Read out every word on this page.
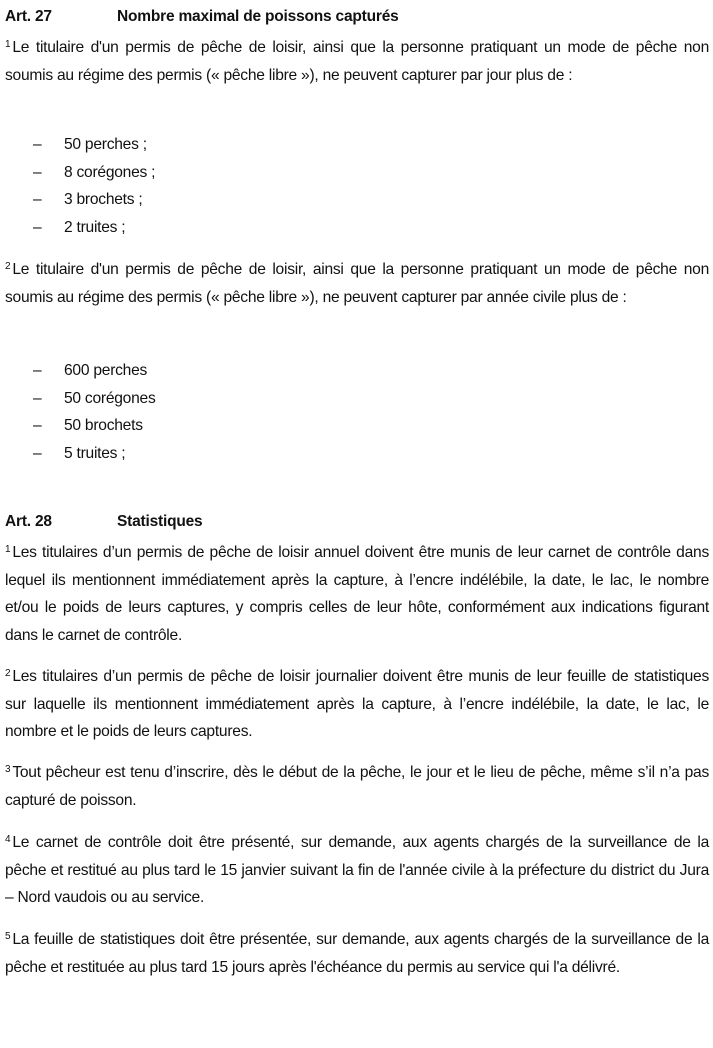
Art. 27	Nombre maximal de poissons capturés

$^1$ Le titulaire d'un permis de pêche de loisir, ainsi que la personne pratiquant un mode de pêche non soumis au régime des permis (« pêche libre »), ne peuvent capturer par jour plus de :

– 50 perches ;
– 8 corégones ;
– 3 brochets ;
– 2 truites ;

$^2$ Le titulaire d'un permis de pêche de loisir, ainsi que la personne pratiquant un mode de pêche non soumis au régime des permis (« pêche libre »), ne peuvent capturer par année civile plus de :

– 600 perches
– 50 corégones
– 50 brochets
– 5 truites ;
Art. 28	Statistiques

$^1$ Les titulaires d’un permis de pêche de loisir annuel doivent être munis de leur carnet de contrôle dans lequel ils mentionnent immédiatement après la capture, à l’encre indélébile, la date, le lac, le nombre et/ou le poids de leurs captures, y compris celles de leur hôte, conformément aux indications figurant dans le carnet de contrôle.

$^2$ Les titulaires d’un permis de pêche de loisir journalier doivent être munis de leur feuille de statistiques sur laquelle ils mentionnent immédiatement après la capture, à l’encre indélébile, la date, le lac, le nombre et le poids de leurs captures.

$^3$ Tout pêcheur est tenu d’inscrire, dès le début de la pêche, le jour et le lieu de pêche, même s’il n’a pas capturé de poisson.

$^4$ Le carnet de contrôle doit être présenté, sur demande, aux agents chargés de la surveillance de la pêche et restitué au plus tard le 15 janvier suivant la fin de l'année civile à la préfecture du district du Jura – Nord vaudois ou au service.

$^5$ La feuille de statistiques doit être présentée, sur demande, aux agents chargés de la surveillance de la pêche et restituée au plus tard 15 jours après l'échéance du permis au service qui l'a délivré.
